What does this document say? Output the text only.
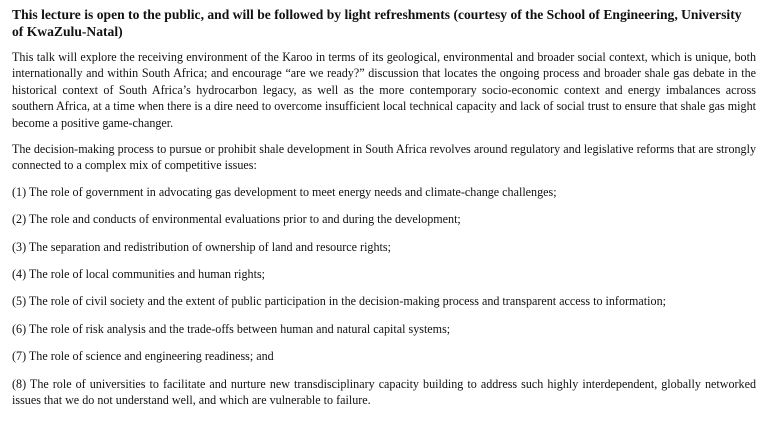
This lecture is open to the public, and will be followed by light refreshments (courtesy of the School of Engineering, University of KwaZulu-Natal)

This talk will explore the receiving environment of the Karoo in terms of its geological, environmental and broader social context, which is unique, both internationally and within South Africa; and encourage “are we ready?” discussion that locates the ongoing process and broader shale gas debate in the historical context of South Africa’s hydrocarbon legacy, as well as the more contemporary socio-economic context and energy imbalances across southern Africa, at a time when there is a dire need to overcome insufficient local technical capacity and lack of social trust to ensure that shale gas might become a positive game-changer.

The decision-making process to pursue or prohibit shale development in South Africa revolves around regulatory and legislative reforms that are strongly connected to a complex mix of competitive issues:

(1) The role of government in advocating gas development to meet energy needs and climate-change challenges;

(2) The role and conducts of environmental evaluations prior to and during the development;

(3) The separation and redistribution of ownership of land and resource rights;

(4) The role of local communities and human rights;

(5) The role of civil society and the extent of public participation in the decision-making process and transparent access to information;

(6) The role of risk analysis and the trade-offs between human and natural capital systems;

(7) The role of science and engineering readiness; and

(8) The role of universities to facilitate and nurture new transdisciplinary capacity building to address such highly interdependent, globally networked issues that we do not understand well, and which are vulnerable to failure.
